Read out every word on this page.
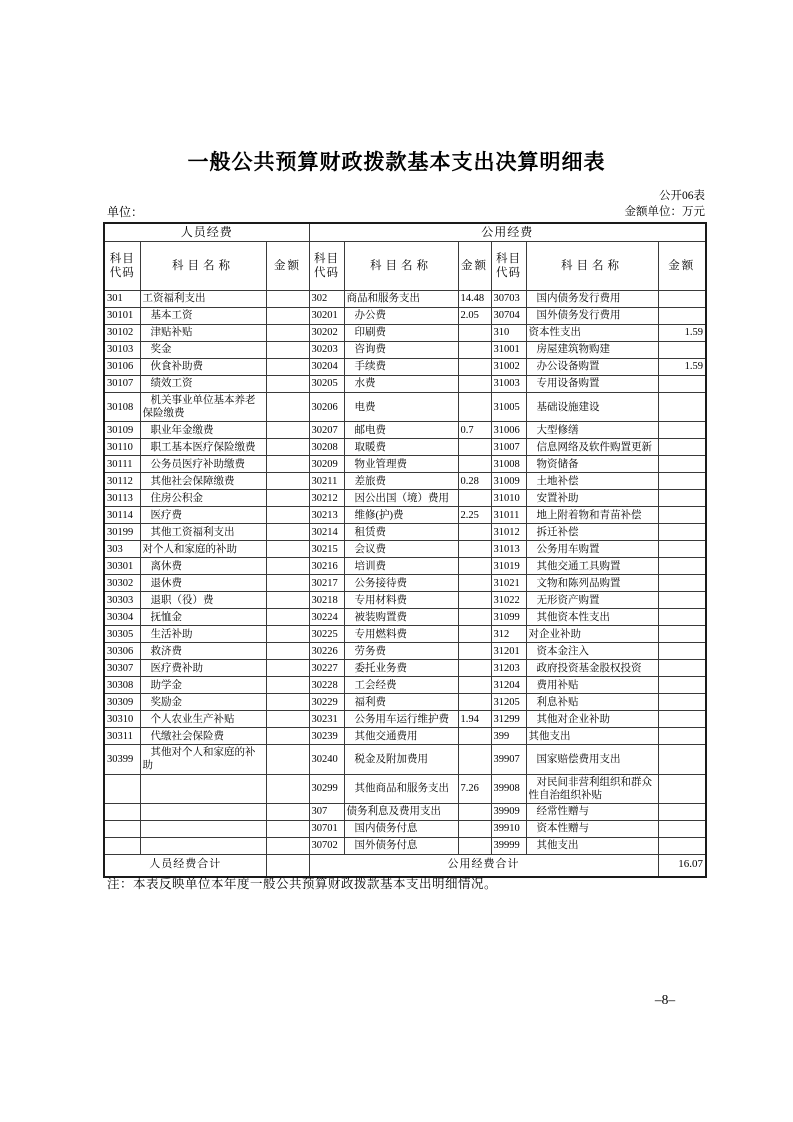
一般公共预算财政拨款基本支出决算明细表
公开06表
单位：	金额单位：万元
人员经费			公用经费					
科目代码	科目名称	金额	科目代码	科目名称	金额	科目代码	科目名称	金额
301	工资福利支出		302	商品和服务支出	14.48	30703	国内债务发行费用	
30101	基本工资		30201	办公费	2.05	30704	国外债务发行费用	
30102	津贴补贴		30202	印刷费		310	资本性支出	1.59
30103	奖金		30203	咨询费		31001	房屋建筑物购建	
30106	伙食补助费		30204	手续费		31002	办公设备购置	1.59
30107	绩效工资		30205	水费		31003	专用设备购置	
30108	机关事业单位基本养老保险缴费		30206	电费		31005	基础设施建设	
30109	职业年金缴费		30207	邮电费	0.7	31006	大型修缮	
30110	职工基本医疗保险缴费		30208	取暖费		31007	信息网络及软件购置更新	
30111	公务员医疗补助缴费		30209	物业管理费		31008	物资储备	
30112	其他社会保障缴费		30211	差旅费	0.28	31009	土地补偿	
30113	住房公积金		30212	因公出国（境）费用		31010	安置补助	
30114	医疗费		30213	维修(护)费	2.25	31011	地上附着物和青苗补偿	
30199	其他工资福利支出		30214	租赁费		31012	拆迁补偿	
303	对个人和家庭的补助		30215	会议费		31013	公务用车购置	
30301	离休费		30216	培训费		31019	其他交通工具购置	
30302	退休费		30217	公务接待费		31021	文物和陈列品购置	
30303	退职（役）费		30218	专用材料费		31022	无形资产购置	
30304	抚恤金		30224	被装购置费		31099	其他资本性支出	
30305	生活补助		30225	专用燃料费		312	对企业补助	
30306	救济费		30226	劳务费		31201	资本金注入	
30307	医疗费补助		30227	委托业务费		31203	政府投资基金股权投资	
30308	助学金		30228	工会经费		31204	费用补贴	
30309	奖励金		30229	福利费		31205	利息补贴	
30310	个人农业生产补贴		30231	公务用车运行维护费	1.94	31299	其他对企业补助	
30311	代缴社会保险费		30239	其他交通费用		399	其他支出	
30399	其他对个人和家庭的补助		30240	税金及附加费用		39907	国家赔偿费用支出	
			30299	其他商品和服务支出	7.26	39908	对民间非营利组织和群众性自治组织补贴	
			307	债务利息及费用支出		39909	经常性赠与	
			30701	国内债务付息		39910	资本性赠与	
			30702	国外债务付息		39999	其他支出	
人员经费合计			公用经费合计					16.07
注：本表反映单位本年度一般公共预算财政拨款基本支出明细情况。
–8–
